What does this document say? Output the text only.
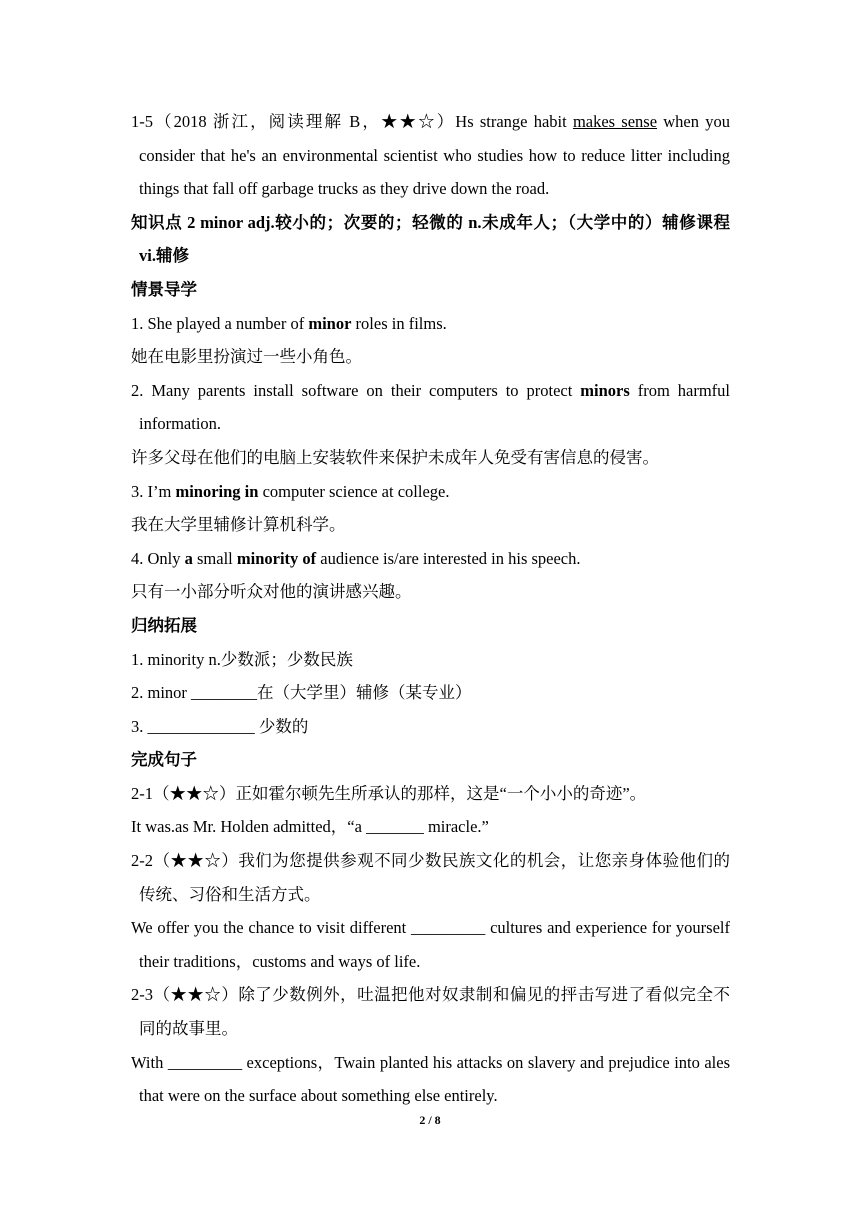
1-5（2018 浙江，阅读理解 B，★★☆）Hs strange habit makes sense when you consider that he's an environmental scientist who studies how to reduce litter including things that fall off garbage trucks as they drive down the road.

知识点 2 minor adj.较小的；次要的；轻微的 n.未成年人；（大学中的）辅修课程 vi.辅修

情景导学

1. She played a number of minor roles in films.

她在电影里扮演过一些小角色。

2. Many parents install software on their computers to protect minors from harmful information.

许多父母在他们的电脑上安装软件来保护未成年人免受有害信息的侵害。

3. I’m minoring in computer science at college.

我在大学里辅修计算机科学。

4. Only a small minority of audience is/are interested in his speech.

只有一小部分听众对他的演讲感兴趣。

归纳拓展

1. minority n.少数派；少数民族

2. minor ________在（大学里）辅修（某专业）

3. _____________ 少数的

完成句子

2-1（★★☆）正如霍尔顿先生所承认的那样，这是“一个小小的奇迹”。

It was.as Mr. Holden admitted，“a _______ miracle.”

2-2（★★☆）我们为您提供参观不同少数民族文化的机会，让您亲身体验他们的传统、习俗和生活方式。

We offer you the chance to visit different _________ cultures and experience for yourself their traditions，customs and ways of life.

2-3（★★☆）除了少数例外，吐温把他对奴隶制和偏见的抨击写进了看似完全不同的故事里。

With _________ exceptions，Twain planted his attacks on slavery and prejudice into ales that were on the surface about something else entirely.

2 / 8
